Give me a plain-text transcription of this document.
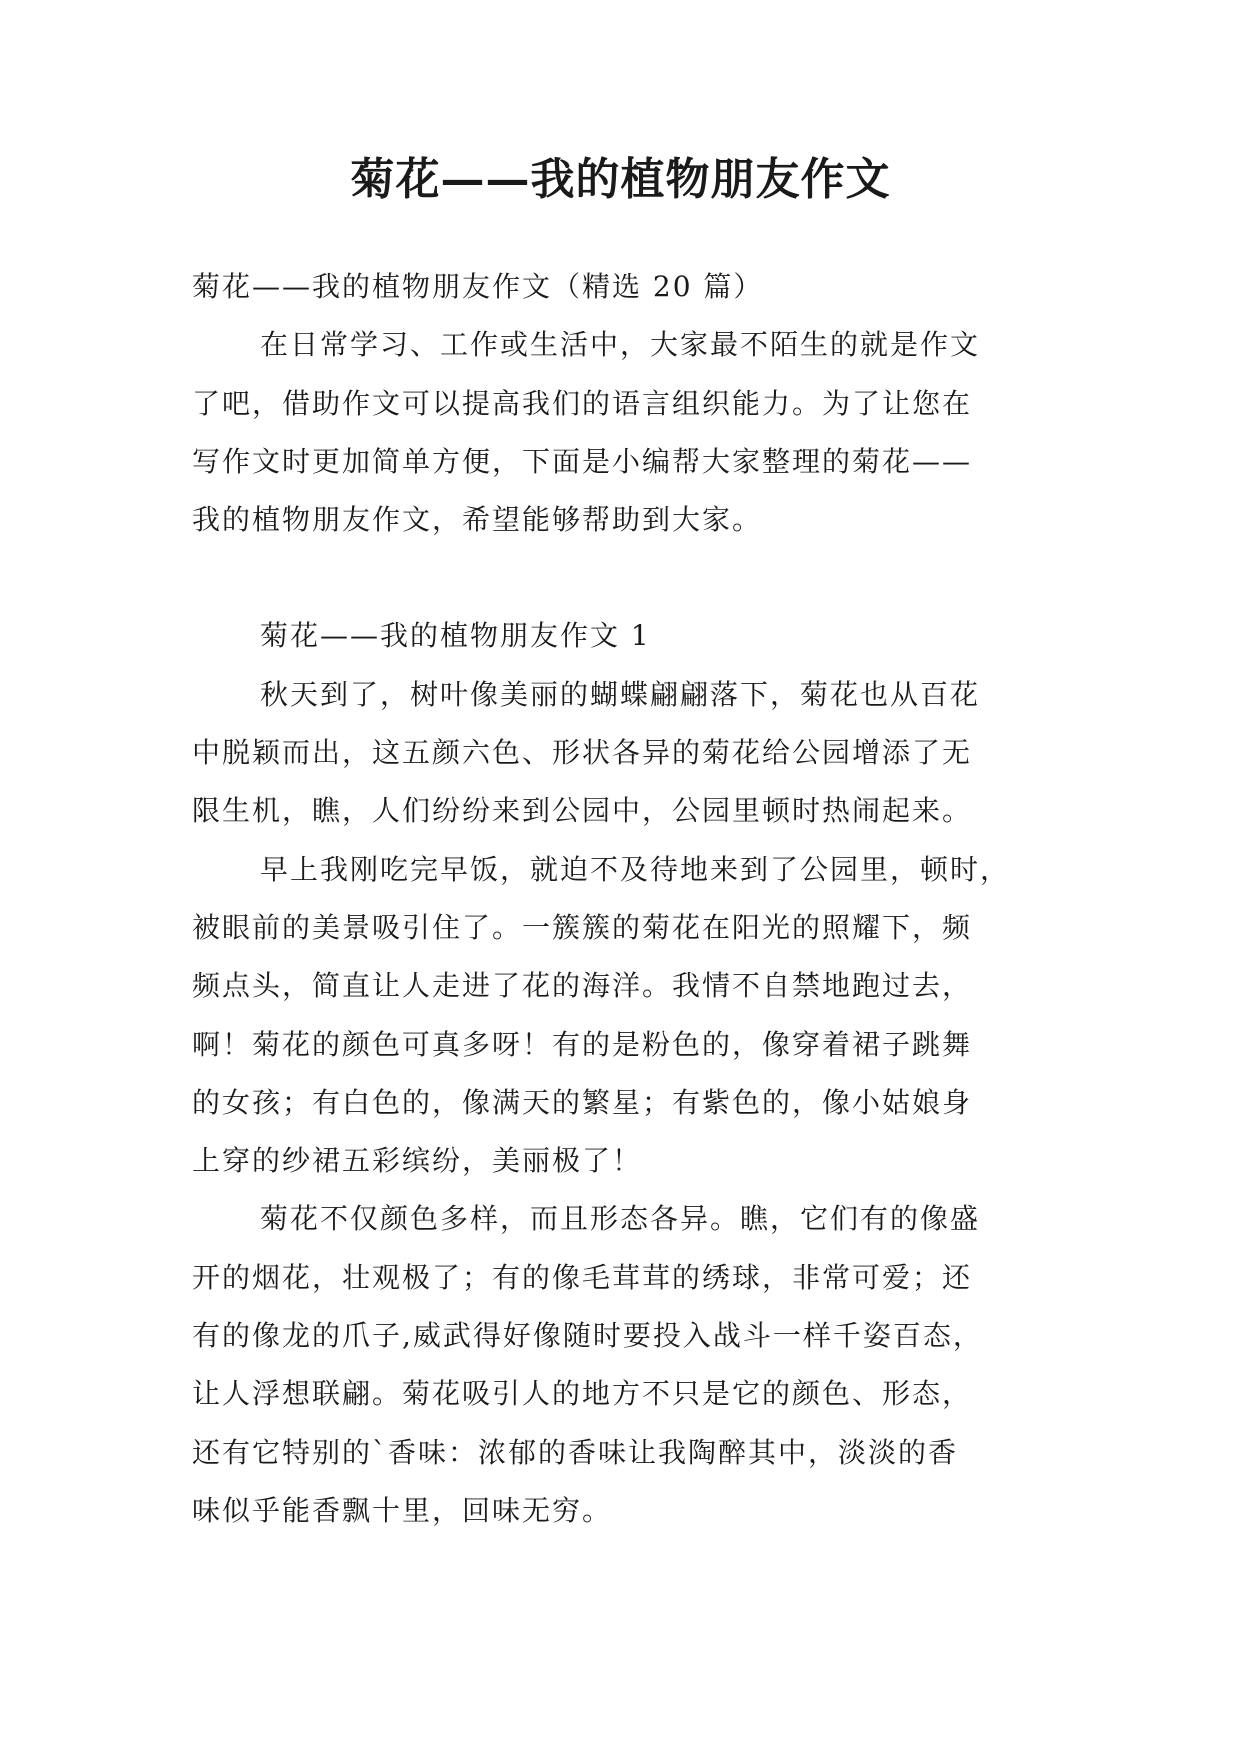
菊花——我的植物朋友作文
菊花——我的植物朋友作文（精选 20 篇）
在日常学习、工作或生活中，大家最不陌生的就是作文
了吧，借助作文可以提高我们的语言组织能力。为了让您在
写作文时更加简单方便，下面是小编帮大家整理的菊花——
我的植物朋友作文，希望能够帮助到大家。
菊花——我的植物朋友作文 1
秋天到了，树叶像美丽的蝴蝶翩翩落下，菊花也从百花
中脱颖而出，这五颜六色、形状各异的菊花给公园增添了无
限生机，瞧，人们纷纷来到公园中，公园里顿时热闹起来。
早上我刚吃完早饭，就迫不及待地来到了公园里，顿时，
被眼前的美景吸引住了。一簇簇的菊花在阳光的照耀下，频
频点头，简直让人走进了花的海洋。我情不自禁地跑过去，
啊！菊花的颜色可真多呀！有的是粉色的，像穿着裙子跳舞
的女孩；有白色的，像满天的繁星；有紫色的，像小姑娘身
上穿的纱裙五彩缤纷，美丽极了！
菊花不仅颜色多样，而且形态各异。瞧，它们有的像盛
开的烟花，壮观极了；有的像毛茸茸的绣球，非常可爱；还
有的像龙的爪子,威武得好像随时要投入战斗一样千姿百态，
让人浮想联翩。菊花吸引人的地方不只是它的颜色、形态，
还有它特别的`香味：浓郁的香味让我陶醉其中，淡淡的香
味似乎能香飘十里，回味无穷。
